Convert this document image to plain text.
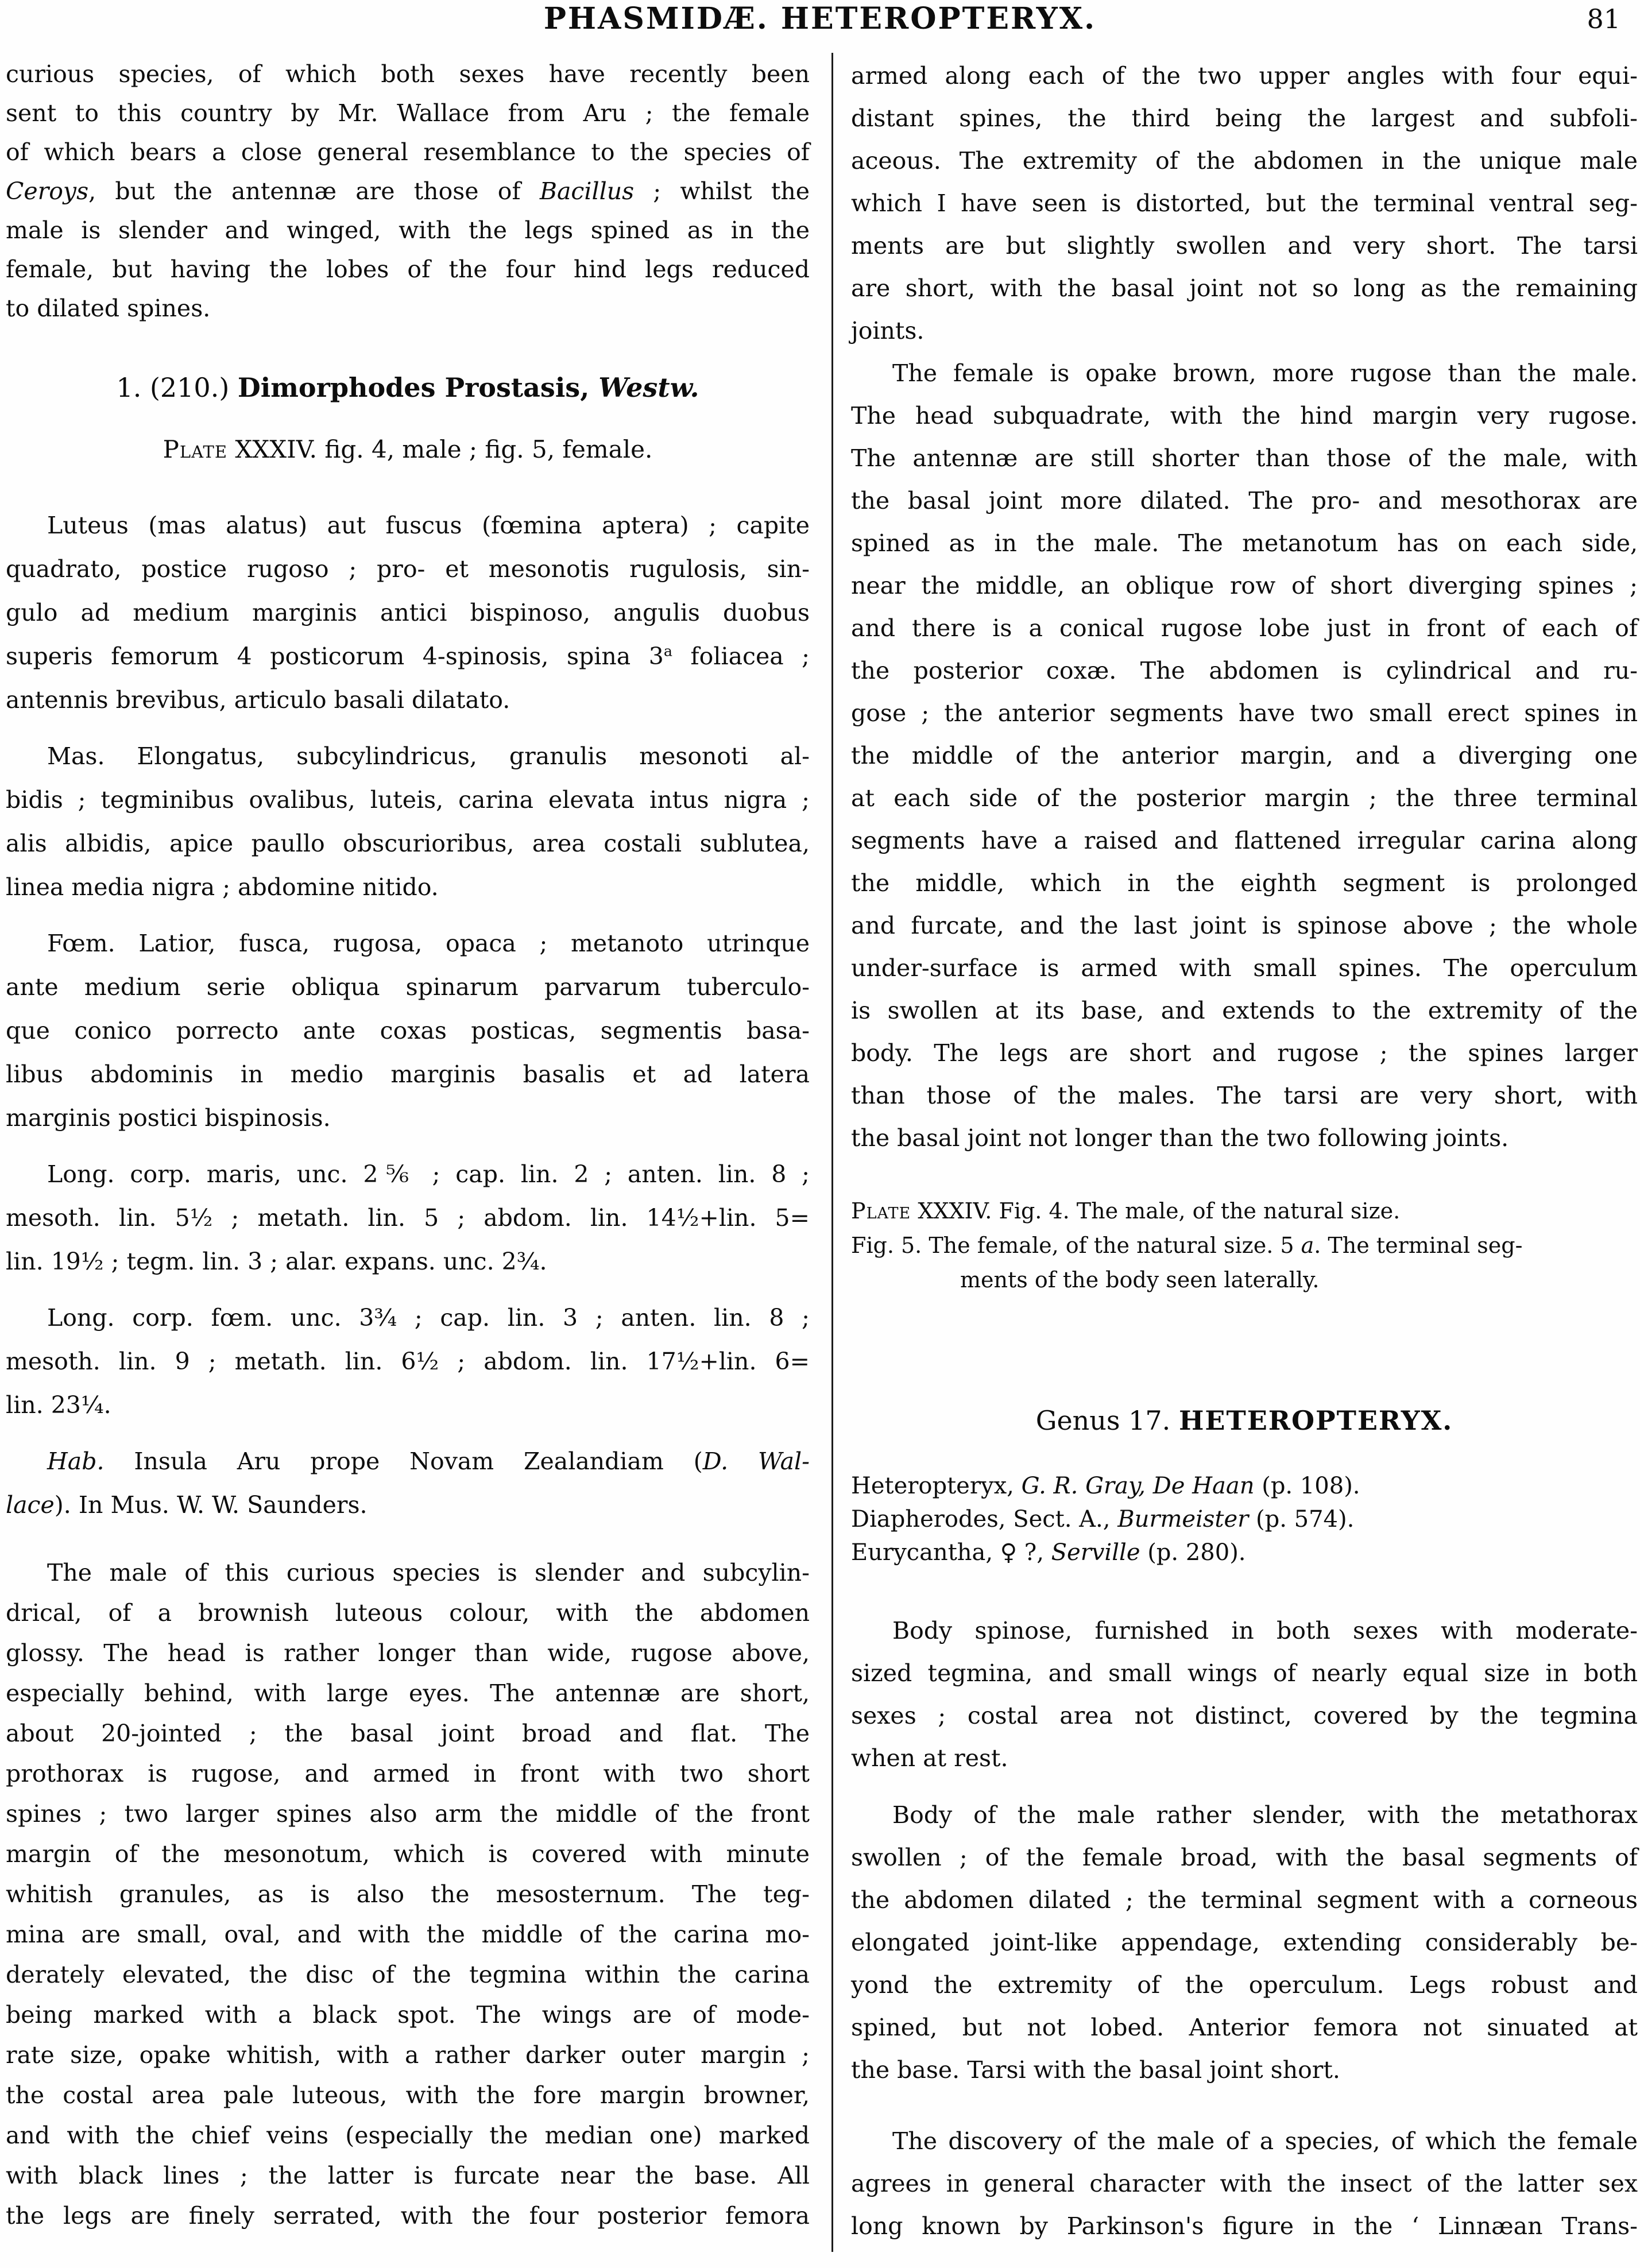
PHASMIDÆ. HETEROPTERYX.	81
curious species, of which both sexes have recently been
sent to this country by Mr. Wallace from Aru ; the female
of which bears a close general resemblance to the species of
Ceroys, but the antennæ are those of Bacillus ; whilst the
male is slender and winged, with the legs spined as in the
female, but having the lobes of the four hind legs reduced
to dilated spines.
1. (210.) Dimorphodes Prostasis, Westw.
Plate XXXIV. fig. 4, male ; fig. 5, female.
Luteus (mas alatus) aut fuscus (fœmina aptera) ; capite
quadrato, postice rugoso ; pro- et mesonotis rugulosis, sin-
gulo ad medium marginis antici bispinoso, angulis duobus
superis femorum 4 posticorum 4-spinosis, spina 3$^a$ foliacea ;
antennis brevibus, articulo basali dilatato.
Mas. Elongatus, subcylindricus, granulis mesonoti al-
bidis ; tegminibus ovalibus, luteis, carina elevata intus nigra ;
alis albidis, apice paullo obscurioribus, area costali sublutea,
linea media nigra ; abdomine nitido.
Fœm. Latior, fusca, rugosa, opaca ; metanoto utrinque
ante medium serie obliqua spinarum parvarum tuberculo-
que conico porrecto ante coxas posticas, segmentis basa-
libus abdominis in medio marginis basalis et ad latera
marginis postici bispinosis.
Long. corp. maris, unc. 2⅚ ; cap. lin. 2 ; anten. lin. 8 ;
mesoth. lin. 5½ ; metath. lin. 5 ; abdom. lin. 14½+lin. 5=
lin. 19½ ; tegm. lin. 3 ; alar. expans. unc. 2¾.
Long. corp. fœm. unc. 3¾ ; cap. lin. 3 ; anten. lin. 8 ;
mesoth. lin. 9 ; metath. lin. 6½ ; abdom. lin. 17½+lin. 6=
lin. 23¼.
Hab. Insula Aru prope Novam Zealandiam (D. Wal-
lace). In Mus. W. W. Saunders.
The male of this curious species is slender and subcylin-
drical, of a brownish luteous colour, with the abdomen
glossy. The head is rather longer than wide, rugose above,
especially behind, with large eyes. The antennæ are short,
about 20-jointed ; the basal joint broad and flat. The
prothorax is rugose, and armed in front with two short
spines ; two larger spines also arm the middle of the front
margin of the mesonotum, which is covered with minute
whitish granules, as is also the mesosternum. The teg-
mina are small, oval, and with the middle of the carina mo-
derately elevated, the disc of the tegmina within the carina
being marked with a black spot. The wings are of mode-
rate size, opake whitish, with a rather darker outer margin ;
the costal area pale luteous, with the fore margin browner,
and with the chief veins (especially the median one) marked
with black lines ; the latter is furcate near the base. All
the legs are finely serrated, with the four posterior femora
armed along each of the two upper angles with four equi-
distant spines, the third being the largest and subfoli-
aceous. The extremity of the abdomen in the unique male
which I have seen is distorted, but the terminal ventral seg-
ments are but slightly swollen and very short. The tarsi
are short, with the basal joint not so long as the remaining
joints.
The female is opake brown, more rugose than the male.
The head subquadrate, with the hind margin very rugose.
The antennæ are still shorter than those of the male, with
the basal joint more dilated. The pro- and mesothorax are
spined as in the male. The metanotum has on each side,
near the middle, an oblique row of short diverging spines ;
and there is a conical rugose lobe just in front of each of
the posterior coxæ. The abdomen is cylindrical and ru-
gose ; the anterior segments have two small erect spines in
the middle of the anterior margin, and a diverging one
at each side of the posterior margin ; the three terminal
segments have a raised and flattened irregular carina along
the middle, which in the eighth segment is prolonged
and furcate, and the last joint is spinose above ; the whole
under-surface is armed with small spines. The operculum
is swollen at its base, and extends to the extremity of the
body. The legs are short and rugose ; the spines larger
than those of the males. The tarsi are very short, with
the basal joint not longer than the two following joints.
Plate XXXIV. Fig. 4. The male, of the natural size.
Fig. 5. The female, of the natural size. 5 a. The terminal seg-
ments of the body seen laterally.
Genus 17. HETEROPTERYX.
Heteropteryx, G. R. Gray, De Haan (p. 108).
Diapherodes, Sect. A., Burmeister (p. 574).
Eurycantha, ♀ ?, Serville (p. 280).
Body spinose, furnished in both sexes with moderate-
sized tegmina, and small wings of nearly equal size in both
sexes ; costal area not distinct, covered by the tegmina
when at rest.
Body of the male rather slender, with the metathorax
swollen ; of the female broad, with the basal segments of
the abdomen dilated ; the terminal segment with a corneous
elongated joint-like appendage, extending considerably be-
yond the extremity of the operculum. Legs robust and
spined, but not lobed. Anterior femora not sinuated at
the base. Tarsi with the basal joint short.
The discovery of the male of a species, of which the female
agrees in general character with the insect of the latter sex
long known by Parkinson's figure in the ‘ Linnæan Trans-
